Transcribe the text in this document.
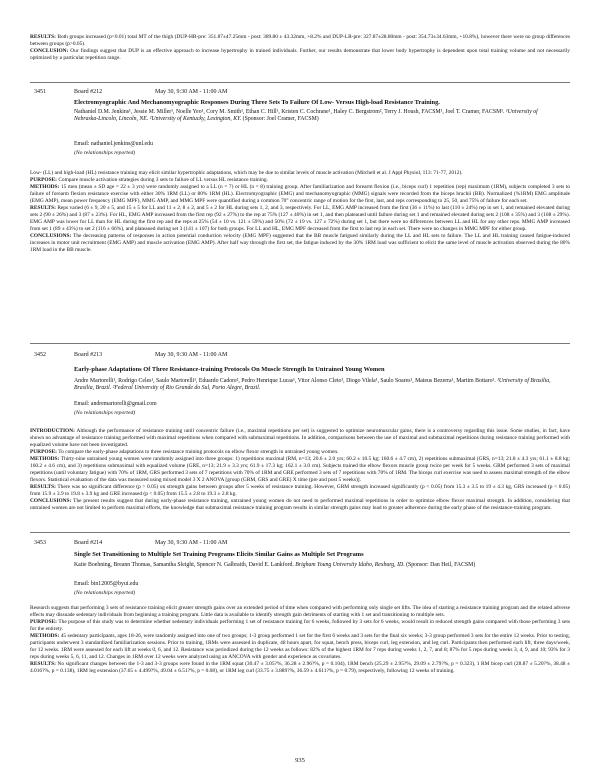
RESULTS: Both groups increased (p<0.01) total MT of the thigh (DUP-HR-pre: 351.87±47.25mm - post: 389.80 ± 43.32mm, +8.2% and DUP-LR-pre: 327.87±28.80mm - post: 354.73±34.63mm, +10.8%), however there were no group differences between groups (p>0.05).

CONCLUSION: Our findings suggest that DUP is an effective approach to increase hypertrophy in trained individuals. Further, our results demonstrate that lower body hypertrophy is dependent upon total training volume and not necessarily optimized by a particular repetition range.

3451	Board #212	May 30, 9:30 AM - 11:00 AM
Electromyographic And Mechanomyographic Responses During Three Sets To Failure Of Low- Versus High-load Resistance Training.
Nathaniel D.M. Jenkins¹, Jessie M. Miller¹, Noelle Yeo¹, Cory M. Smith¹, Ethan C. Hill¹, Kristen C. Cochrane¹, Haley C. Bergstrom², Terry J. Housh, FACSM¹, Joel T. Cramer, FACSM¹. ¹University of Nebraska-Lincoln, Lincoln, NE. ²University of Kentucky, Lexington, KY. (Sponsor: Joel Cramer, FACSM)
Email: nathaniel.jenkins@unl.edu
(No relationships reported)

Low- (LL) and high-load (HL) resistance training may elicit similar hypertrophic adaptations, which may be due to similar levels of muscle activation (Mitchell et al. J Appl Physiol, 113: 71-77, 2012).

PURPOSE: Compare muscle activation strategies during 3 sets to failure of LL versus HL resistance training.

METHODS: 15 men (mean ± SD age = 22 ± 3 yrs) were randomly assigned to a LL (n = 7) or HL (n = 8) training group. After familiarization and forearm flexion (i.e., biceps curl) 1 repetition (rep) maximum (1RM), subjects completed 3 sets to failure of forearm flexion resistance exercise with either 30% 1RM (LL) or 80% 1RM (HL). Electromyographic (EMG) and mechanomyographic (MMG) signals were recorded from the biceps brachii (BB). Normalized (%1RM) EMG amplitude (EMG AMP), mean power frequency (EMG MPF), MMG AMP, and MMG MPF were quantified during a common 70° concentric range of motion for the first, last, and reps corresponding to 25, 50, and 75% of failure for each set.

RESULTS: Reps varied (6 ± 9, 20 ± 5, and 15 ± 5 for LL and 11 ± 2, 8 ± 2, and 5 ± 2 for HL during sets 1, 2, and 3, respectively. For LL, EMG AMP increased from the first (36 ± 11%) to last (110 ± 24%) rep in set 1, and remained elevated during sets 2 (90 ± 26%) and 3 (87 ± 23%). For HL, EMG AMP increased from the first rep (92 ± 27%) to the rep at 75% (127 ± 40%) in set 1, and then plateaued until failure during set 1 and remained elevated during sets 2 (108 ± 35%) and 3 (108 ± 29%). EMG AMP was lower for LL than for HL during the first rep and the reps at 25% (54 ± 10 vs. 121 ± 59%) and 50% (72 ± 19 vs. 127 ± 72%) during set 1, but there were no differences between LL and HL for any other reps. MMG AMP increased from set 1 (89 ± 43%) to set 2 (116 ± 66%), and plateaued during set 3 (141 ± 107) for both groups. For LL and HL, EMG MPF decreased from the first to last rep in each set. There were no changes in MMG MPF for either group.

CONCLUSIONS: The decreasing patterns of responses in action potential conduction velocity (EMG MPF) suggested that the BB muscle fatigued similarly during the LL and HL sets to failure. The LL and HL training caused fatigue-induced increases in motor unit recruitment (EMG AMP) and muscle activation (EMG AMP). After half way through the first set, the fatigue induced by the 30% 1RM load was sufficient to elicit the same level of muscle activation observed during the 80% 1RM load in the BB muscle.

3452	Board #213	May 30, 9:30 AM - 11:00 AM
Early-phase Adaptations Of Three Resistance-training Protocols On Muscle Strength In Untrained Young Women
Andre Martorelli¹, Rodrigo Celes¹, Saulo Martorelli¹, Eduardo Cadore², Pedro Henrique Lucas¹, Vitor Alonso Cleto¹, Diogo Vilela¹, Saulo Soares¹, Mateus Bezerra¹, Martim Bottaro¹. ¹University of Brasilia, Brasilia, Brazil. ²Federal University of Rio Grande do Sul, Porto Alegre, Brazil.
Email: andremartorelli@gmail.com
(No relationships reported)

INTRODUCTION: Although the performance of resistance training until concentric failure (i.e., maximal repetitions per set) is suggested to optimize neuromuscular gains, there is a controversy regarding this issue. Some studies, in fact, have shown no advantage of resistance training performed with maximal repetitions when compared with submaximal repetitions. In addition, comparisons between the use of maximal and submaximal repetitions during resistance training performed with equalized volume have not been investigated.

PURPOSE: To compare the early-phase adaptations to three resistance training protocols on elbow flexor strength in untrained young women.

METHODS: Thirty-nine untrained young women were randomly assigned into three groups: 1) repetitions maximal (RM, n=13; 20.6 ± 2.0 yrs; 60.2 ± 10.5 kg; 160.6 ± 4.7 cm), 2) repetitions submaximal (GRS, n=13; 21.8 ± 4.3 yrs; 61.1 ± 8.8 kg; 160.2 ± 4.6 cm), and 3) repetitions submaximal with equalized volume (GRE, n=13; 21.9 ± 3.3 yrs; 61.9 ± 17.3 kg; 162.1 ± 3.0 cm). Subjects trained the elbow flexors muscle group twice per week for 5 weeks. GRM performed 3 sets of maximal repetitions (until voluntary fatigue) with 70% of 1RM, GRS performed 3 sets of 7 repetitions with 70% of 1RM and GRE performed 3 sets of 7 repetitions with 70% of 1RM. The biceps curl exercise was used to assess maximal strength of the elbow flexors. Statistical evaluation of the data was measured using mixed model 3 X 2 ANOVA [group (GRM, GRS and GRE) X time (pre and post 5 weeks)].

RESULTS: There was no significant difference (p > 0.05) on strength gains between groups after 5 weeks of resistance training. However, GRM strength increased significantly (p < 0.05) from 15.3 ± 3.5 to 19 ± 4.3 kg, GRS increased (p < 0.05) from 15.9 ± 3.9 to 19.8 ± 3.9 kg and GRE increased (p < 0.05) from 15.5 ± 2.8 to 19.3 ± 2.8 kg.

CONCLUSIONS: The present results suggest that during early-phase resistance training, untrained young women do not need to performed maximal repetitions in order to optimize elbow flexor maximal strength. In addition, considering that untrained women are not limited to perform maximal efforts, the knowledge that submaximal resistance training program results in similar strength gains may lead to greater adherence during the early phase of the resistance-training program.

3453	Board #214	May 30, 9:30 AM - 11:00 AM
Single Set Transitioning to Multiple Set Training Programs Elicits Similar Gains as Multiple Set Programs
Katie Boehning, Breann Thomas, Samantha Sleight, Spencer N. Galbraith, David E. Lankford. Brigham Young University Idaho, Rexburg, ID. (Sponsor: Dan Heil, FACSM)
Email: bin12005@byui.edu
(No relationships reported)

Research suggests that performing 3 sets of resistance training elicit greater strength gains over an extended period of time when compared with performing only single set lifts. The idea of starting a resistance training program and the related adverse effects may dissuade sedentary individuals from beginning a training program. Little data is available to identify strength gain detriments of starting with 1 set and transitioning to multiple sets.

PURPOSE: The purpose of this study was to determine whether sedentary individuals performing 1 set of resistance training for 6 weeks, followed by 3 sets for 6 weeks, would result in reduced strength gains compared with those performing 3 sets for the entirety.

METHODS: 45 sedentary participants, ages 18-26, were randomly assigned into one of two groups; 1-3 group performed 1 set for the first 6 weeks and 3 sets for the final six weeks; 3-3 group performed 3 sets for the entire 12 weeks. Prior to testing, participants underwent 3 standardized familiarization sessions. Prior to training, 1RMs were assessed in duplicate, 48 hours apart, for squat, bench press, biceps curl, leg extension, and leg curl. Participants then performed each lift, three days/week, for 12 weeks. 1RM were assessed for each lift at weeks 0, 6, and 12. Resistance was periodized during the 12 weeks as follows: 82% of the highest 1RM for 7 reps during weeks 1, 2, 7, and 8; 87% for 5 reps during weeks 3, 4, 9, and 10; 93% for 3 reps during weeks 5, 6, 11, and 12. Changes in 1RM over 12 weeks were analyzed using an ANCOVA with gender and experience as covariates.

RESULTS: No significant changes between the 1-3 and 3-3 groups were found in the 1RM squat (30.47 ± 3.05?%, 36.28 ± 2.96?%, p = 0.104), 1RM bench (25.29 ± 2.95?%, 29.09 ± 2.79?%, p = 0.323), 1 RM bicep curl (28.87 ± 5.20?%, 38.48 ± 4.016?%, p = 0.138), 1RM leg extension (37.65 ± 4.499?%, 49.04 ± 6.51?%, p = 0.08), or 1RM leg curl (33.75 ± 3.889?%, 36.59 ± 4.611?%, p = 0.79), respectively, following 12 weeks of training.

935
